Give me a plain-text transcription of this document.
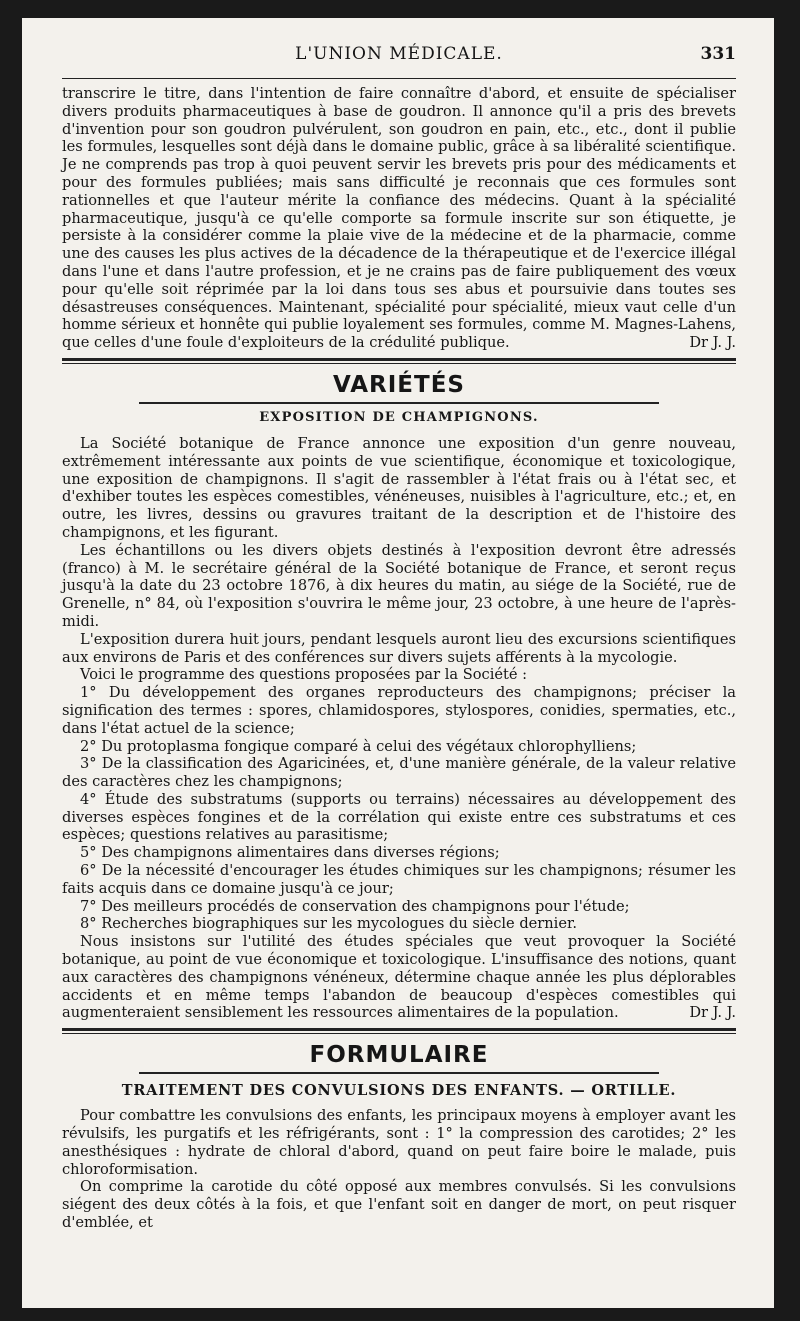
L'UNION MÉDICALE.	331

transcrire le titre, dans l'intention de faire connaître d'abord, et ensuite de spécialiser divers produits pharmaceutiques à base de goudron. Il annonce qu'il a pris des brevets d'invention pour son goudron pulvérulent, son goudron en pain, etc., etc., dont il publie les formules, lesquelles sont déjà dans le domaine public, grâce à sa libéralité scientifique. Je ne comprends pas trop à quoi peuvent servir les brevets pris pour des médicaments et pour des formules publiées; mais sans difficulté je reconnais que ces formules sont rationnelles et que l'auteur mérite la confiance des médecins. Quant à la spécialité pharmaceutique, jusqu'à ce qu'elle comporte sa formule inscrite sur son étiquette, je persiste à la considérer comme la plaie vive de la médecine et de la pharmacie, comme une des causes les plus actives de la décadence de la thérapeutique et de l'exercice illégal dans l'une et dans l'autre profession, et je ne crains pas de faire publiquement des vœux pour qu'elle soit réprimée par la loi dans tous ses abus et poursuivie dans toutes ses désastreuses conséquences. Maintenant, spécialité pour spécialité, mieux vaut celle d'un homme sérieux et honnête qui publie loyalement ses formules, comme M. Magnes-Lahens, que celles d'une foule d'exploiteurs de la crédulité publique.	Dr J. J.

VARIÉTÉS
EXPOSITION DE CHAMPIGNONS.

La Société botanique de France annonce une exposition d'un genre nouveau, extrêmement intéressante aux points de vue scientifique, économique et toxicologique, une exposition de champignons. Il s'agit de rassembler à l'état frais ou à l'état sec, et d'exhiber toutes les espèces comestibles, vénéneuses, nuisibles à l'agriculture, etc.; et, en outre, les livres, dessins ou gravures traitant de la description et de l'histoire des champignons, et les figurant.

Les échantillons ou les divers objets destinés à l'exposition devront être adressés (franco) à M. le secrétaire général de la Société botanique de France, et seront reçus jusqu'à la date du 23 octobre 1876, à dix heures du matin, au siége de la Société, rue de Grenelle, n° 84, où l'exposition s'ouvrira le même jour, 23 octobre, à une heure de l'après-midi.

L'exposition durera huit jours, pendant lesquels auront lieu des excursions scientifiques aux environs de Paris et des conférences sur divers sujets afférents à la mycologie.

Voici le programme des questions proposées par la Société :

1° Du développement des organes reproducteurs des champignons; préciser la signification des termes : spores, chlamidospores, stylospores, conidies, spermaties, etc., dans l'état actuel de la science;

2° Du protoplasma fongique comparé à celui des végétaux chlorophylliens;

3° De la classification des Agaricinées, et, d'une manière générale, de la valeur relative des caractères chez les champignons;

4° Étude des substratums (supports ou terrains) nécessaires au développement des diverses espèces fongines et de la corrélation qui existe entre ces substratums et ces espèces; questions relatives au parasitisme;

5° Des champignons alimentaires dans diverses régions;

6° De la nécessité d'encourager les études chimiques sur les champignons; résumer les faits acquis dans ce domaine jusqu'à ce jour;

7° Des meilleurs procédés de conservation des champignons pour l'étude;

8° Recherches biographiques sur les mycologues du siècle dernier.

Nous insistons sur l'utilité des études spéciales que veut provoquer la Société botanique, au point de vue économique et toxicologique. L'insuffisance des notions, quant aux caractères des champignons vénéneux, détermine chaque année les plus déplorables accidents et en même temps l'abandon de beaucoup d'espèces comestibles qui augmenteraient sensiblement les ressources alimentaires de la population.	Dr J. J.

FORMULAIRE
TRAITEMENT DES CONVULSIONS DES ENFANTS. — ORTILLE.

Pour combattre les convulsions des enfants, les principaux moyens à employer avant les révulsifs, les purgatifs et les réfrigérants, sont : 1° la compression des carotides; 2° les anesthésiques : hydrate de chloral d'abord, quand on peut faire boire le malade, puis chloroformisation.

On comprime la carotide du côté opposé aux membres convulsés. Si les convulsions siégent des deux côtés à la fois, et que l'enfant soit en danger de mort, on peut risquer d'emblée, et
